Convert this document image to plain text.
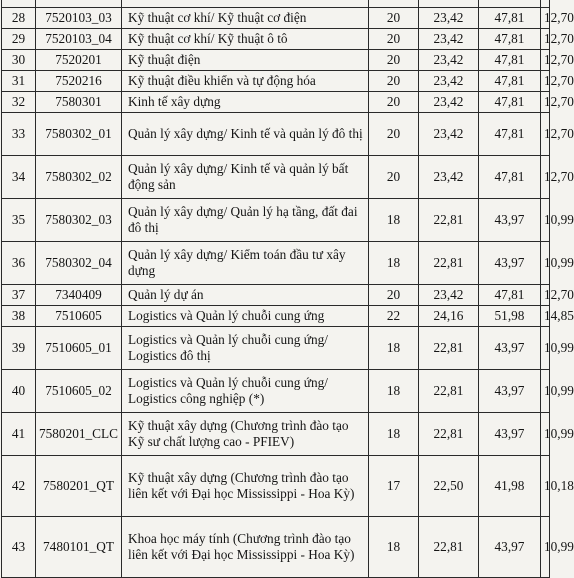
28	7520103_03	Kỹ thuật cơ khí/ Kỹ thuật cơ điện	20	23,42	47,81	12,70
29	7520103_04	Kỹ thuật cơ khí/ Kỹ thuật ô tô	20	23,42	47,81	12,70
30	7520201	Kỹ thuật điện	20	23,42	47,81	12,70
31	7520216	Kỹ thuật điều khiển và tự động hóa	20	23,42	47,81	12,70
32	7580301	Kinh tế xây dựng	20	23,42	47,81	12,70
33	7580302_01	Quản lý xây dựng/ Kinh tế và quản lý đô thị	20	23,42	47,81	12,70
34	7580302_02	Quản lý xây dựng/ Kinh tế và quản lý bất động sản	20	23,42	47,81	12,70
35	7580302_03	Quản lý xây dựng/ Quản lý hạ tầng, đất đai đô thị	18	22,81	43,97	10,99
36	7580302_04	Quản lý xây dựng/ Kiểm toán đầu tư xây dựng	18	22,81	43,97	10,99
37	7340409	Quản lý dự án	20	23,42	47,81	12,70
38	7510605	Logistics và Quản lý chuỗi cung ứng	22	24,16	51,98	14,85
39	7510605_01	Logistics và Quản lý chuỗi cung ứng/ Logistics đô thị	18	22,81	43,97	10,99
40	7510605_02	Logistics và Quản lý chuỗi cung ứng/ Logistics công nghiệp (*)	18	22,81	43,97	10,99
41	7580201_CLC	Kỹ thuật xây dựng (Chương trình đào tạo Kỹ sư chất lượng cao - PFIEV)	18	22,81	43,97	10,99
42	7580201_QT	Kỹ thuật xây dựng (Chương trình đào tạo liên kết với Đại học Mississippi - Hoa Kỳ)	17	22,50	41,98	10,18
43	7480101_QT	Khoa học máy tính (Chương trình đào tạo liên kết với Đại học Mississippi - Hoa Kỳ)	18	22,81	43,97	10,99
